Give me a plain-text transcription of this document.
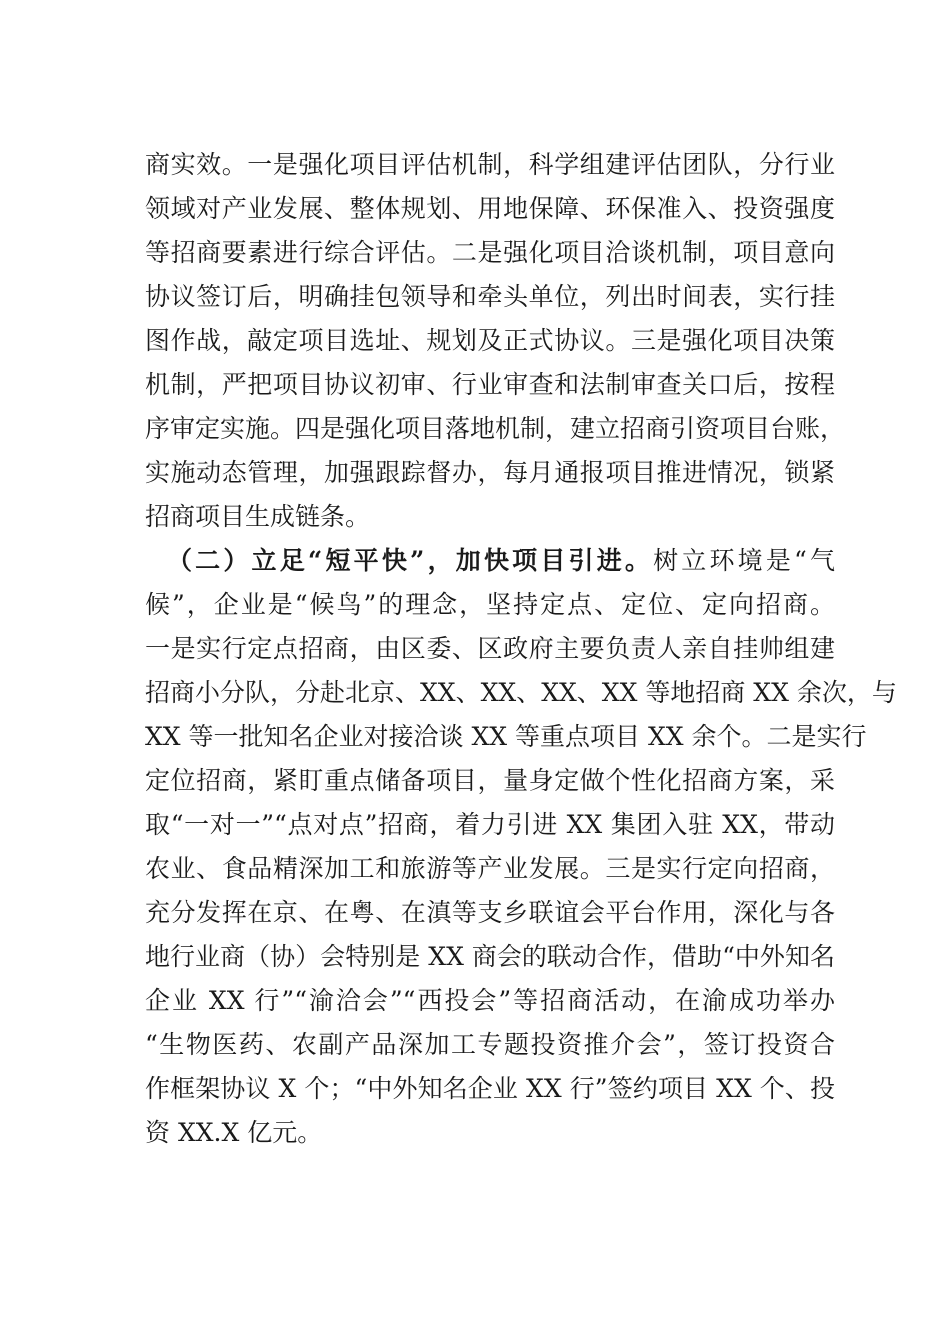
商实效。一是强化项目评估机制，科学组建评估团队，分行业
领域对产业发展、整体规划、用地保障、环保准入、投资强度
等招商要素进行综合评估。二是强化项目洽谈机制，项目意向
协议签订后，明确挂包领导和牵头单位，列出时间表，实行挂
图作战，敲定项目选址、规划及正式协议。三是强化项目决策
机制，严把项目协议初审、行业审查和法制审查关口后，按程
序审定实施。四是强化项目落地机制，建立招商引资项目台账，
实施动态管理，加强跟踪督办，每月通报项目推进情况，锁紧
招商项目生成链条。
（二）立足“短平快”，加快项目引进。树立环境是“气
候”，企业是“候鸟”的理念，坚持定点、定位、定向招商。
一是实行定点招商，由区委、区政府主要负责人亲自挂帅组建
招商小分队，分赴北京、XX、XX、XX、XX 等地招商 XX 余次，与
XX 等一批知名企业对接洽谈 XX 等重点项目 XX 余个。二是实行
定位招商，紧盯重点储备项目，量身定做个性化招商方案，采
取“一对一”“点对点”招商，着力引进 XX 集团入驻 XX，带动
农业、食品精深加工和旅游等产业发展。三是实行定向招商，
充分发挥在京、在粤、在滇等支乡联谊会平台作用，深化与各
地行业商（协）会特别是 XX 商会的联动合作，借助“中外知名
企业 XX 行”“渝洽会”“西投会”等招商活动，在渝成功举办
“生物医药、农副产品深加工专题投资推介会”，签订投资合
作框架协议 X 个；“中外知名企业 XX 行”签约项目 XX 个、投
资 XX.X 亿元。
